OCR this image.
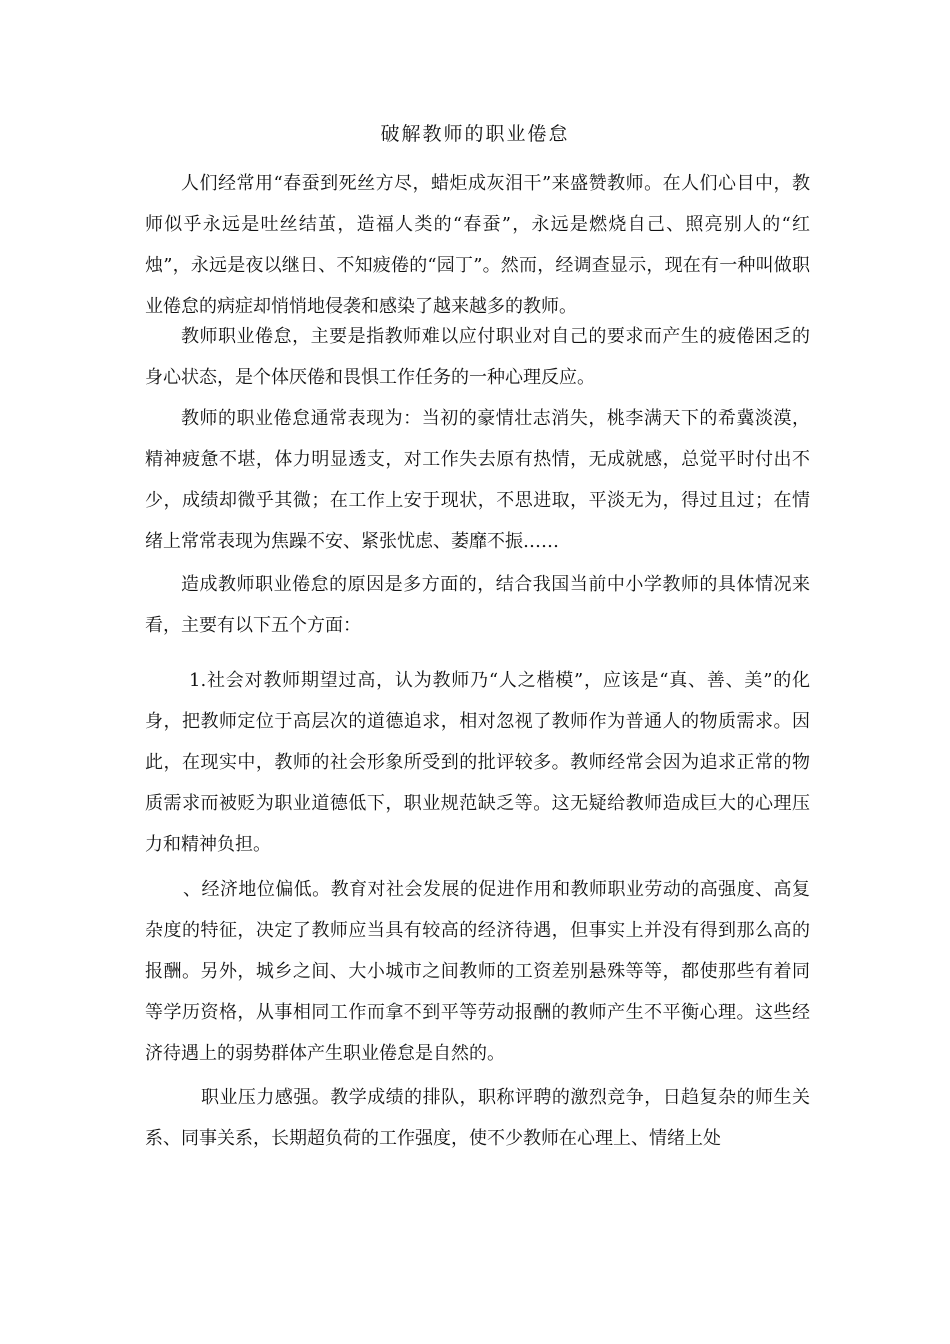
破解教师的职业倦怠

人们经常用“春蚕到死丝方尽，蜡炬成灰泪干”来盛赞教师。在人们心目中，教师似乎永远是吐丝结茧，造福人类的“春蚕”，永远是燃烧自己、照亮别人的“红烛”，永远是夜以继日、不知疲倦的“园丁”。然而，经调查显示，现在有一种叫做职业倦怠的病症却悄悄地侵袭和感染了越来越多的教师。

教师职业倦怠，主要是指教师难以应付职业对自己的要求而产生的疲倦困乏的身心状态，是个体厌倦和畏惧工作任务的一种心理反应。

教师的职业倦怠通常表现为：当初的豪情壮志消失，桃李满天下的希冀淡漠，精神疲惫不堪，体力明显透支，对工作失去原有热情，无成就感，总觉平时付出不少，成绩却微乎其微；在工作上安于现状，不思进取，平淡无为，得过且过；在情绪上常常表现为焦躁不安、紧张忧虑、萎靡不振……

造成教师职业倦怠的原因是多方面的，结合我国当前中小学教师的具体情况来看，主要有以下五个方面：

1.社会对教师期望过高，认为教师乃“人之楷模”，应该是“真、善、美”的化身，把教师定位于高层次的道德追求，相对忽视了教师作为普通人的物质需求。因此，在现实中，教师的社会形象所受到的批评较多。教师经常会因为追求正常的物质需求而被贬为职业道德低下，职业规范缺乏等。这无疑给教师造成巨大的心理压力和精神负担。

、经济地位偏低。教育对社会发展的促进作用和教师职业劳动的高强度、高复杂度的特征，决定了教师应当具有较高的经济待遇，但事实上并没有得到那么高的报酬。另外，城乡之间、大小城市之间教师的工资差别悬殊等等，都使那些有着同等学历资格，从事相同工作而拿不到平等劳动报酬的教师产生不平衡心理。这些经济待遇上的弱势群体产生职业倦怠是自然的。

职业压力感强。教学成绩的排队，职称评聘的激烈竞争，日趋复杂的师生关系、同事关系，长期超负荷的工作强度，使不少教师在心理上、情绪上处
